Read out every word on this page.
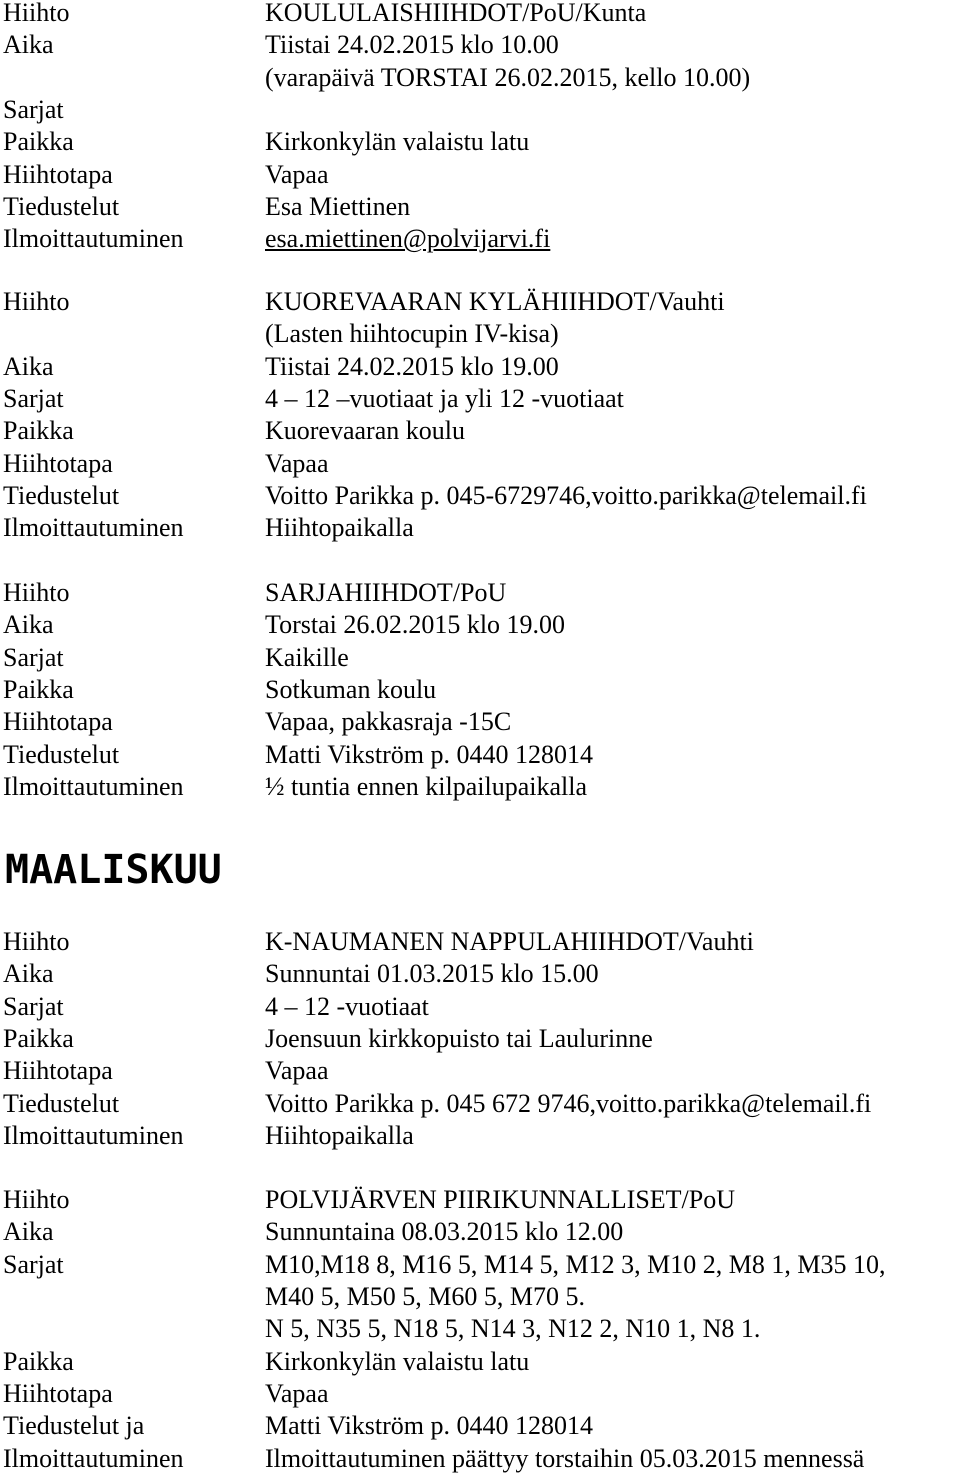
Hiihto	KOULULAISHIIHDOT/PoU/Kunta
Aika	Tiistai 24.02.2015 klo 10.00
(varapäivä TORSTAI 26.02.2015, kello 10.00)
Sarjat
Paikka	Kirkonkylän valaistu latu
Hiihtotapa	Vapaa
Tiedustelut	Esa Miettinen
Ilmoittautuminen	esa.miettinen@polvijarvi.fi
Hiihto	KUOREVAARAN KYLÄHIIHDOT/Vauhti
(Lasten hiihtocupin IV-kisa)
Aika	Tiistai 24.02.2015 klo 19.00
Sarjat	4 – 12 –vuotiaat ja yli 12 -vuotiaat
Paikka	Kuorevaaran koulu
Hiihtotapa	Vapaa
Tiedustelut	Voitto Parikka p. 045-6729746,voitto.parikka@telemail.fi
Ilmoittautuminen	Hiihtopaikalla
Hiihto	SARJAHIIHDOT/PoU
Aika	Torstai 26.02.2015 klo 19.00
Sarjat	Kaikille
Paikka	Sotkuman koulu
Hiihtotapa	Vapaa, pakkasraja -15C
Tiedustelut	Matti Vikström p. 0440 128014
Ilmoittautuminen	½ tuntia ennen kilpailupaikalla
MAALISKUU
Hiihto	K-NAUMANEN NAPPULAHIIHDOT/Vauhti
Aika	Sunnuntai 01.03.2015 klo 15.00
Sarjat	4 – 12 -vuotiaat
Paikka	Joensuun kirkkopuisto tai Laulurinne
Hiihtotapa	Vapaa
Tiedustelut	Voitto Parikka p. 045 672 9746,voitto.parikka@telemail.fi
Ilmoittautuminen	Hiihtopaikalla
Hiihto	POLVIJÄRVEN PIIRIKUNNALLISET/PoU
Aika	Sunnuntaina 08.03.2015 klo 12.00
Sarjat	M10,M18 8, M16 5, M14 5, M12 3, M10 2, M8 1, M35 10,
M40 5, M50 5, M60 5, M70 5.
N 5, N35 5, N18 5, N14 3, N12 2, N10 1, N8 1.
Paikka	Kirkonkylän valaistu latu
Hiihtotapa	Vapaa
Tiedustelut ja	Matti Vikström p. 0440 128014
Ilmoittautuminen	Ilmoittautuminen päättyy torstaihin 05.03.2015 mennessä
